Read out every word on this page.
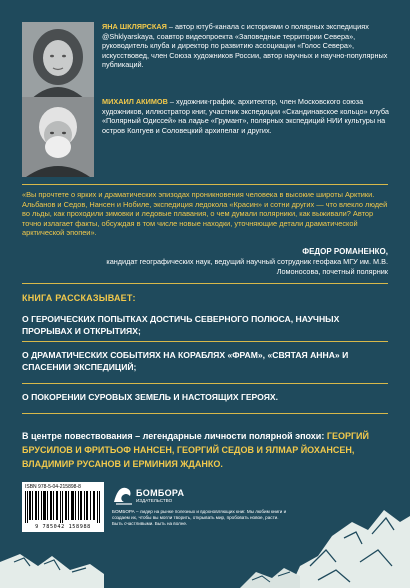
ЯНА ШКЛЯРСКАЯ – автор ютуб-канала с историями о полярных экспедициях @Shklyarskaya, соавтор видеопроекта «Заповедные территории Севера», руководитель клуба и директор по развитию ассоциации «Голос Севера», искусствовед, член Союза художников России, автор научных и научно-популярных публикаций.

МИХАИЛ АКИМОВ – художник-график, архитектор, член Московского союза художников, иллюстратор книг, участник экспедиции «Скандинавское кольцо» клуба «Полярный Одиссей» на ладье «Грумант», полярных экспедиций НИИ культуры на остров Колгуев и Соловецкий архипелаг и других.

«Вы прочтете о ярких и драматических эпизодах проникновения человека в высокие широты Арктики. Альбанов и Седов, Нансен и Нобиле, экспедиция ледокола «Красин» и сотни других — что влекло людей во льды, как проходили зимовки и ледовые плавания, о чем думали полярники, как выживали? Автор точно излагает факты, обсуждая в том числе новые находки, уточняющие детали драматической арктической эпопеи».

ФЕДОР РОМАНЕНКО,
кандидат географических наук, ведущий научный сотрудник геофака МГУ им. М.В. Ломоносова, почетный полярник

КНИГА РАССКАЗЫВАЕТ:

О ГЕРОИЧЕСКИХ ПОПЫТКАХ ДОСТИЧЬ СЕВЕРНОГО ПОЛЮСА, НАУЧНЫХ ПРОРЫВАХ И ОТКРЫТИЯХ;

О ДРАМАТИЧЕСКИХ СОБЫТИЯХ НА КОРАБЛЯХ «ФРАМ», «СВЯТАЯ АННА» И СПАСЕНИИ ЭКСПЕДИЦИЙ;

О ПОКОРЕНИИ СУРОВЫХ ЗЕМЕЛЬ И НАСТОЯЩИХ ГЕРОЯХ.

В центре повествования – легендарные личности полярной эпохи: ГЕОРГИЙ БРУСИЛОВ И ФРИТЬОФ НАНСЕН, ГЕОРГИЙ СЕДОВ И ЯЛМАР ЙОХАНСЕН, ВЛАДИМИР РУСАНОВ И ЕРМИНИЯ ЖДАНКО.

ISBN 978-5-04-215898-8
9 785042 158988
БОМБОРА
ИЗДАТЕЛЬСТВО

БОМБОРА – лидер на рынке полезных и вдохновляющих книг. Мы любим книги и создаем их, чтобы вы могли творить, открывать мир, пробовать новое, расти. Быть счастливыми. Быть на волне.
